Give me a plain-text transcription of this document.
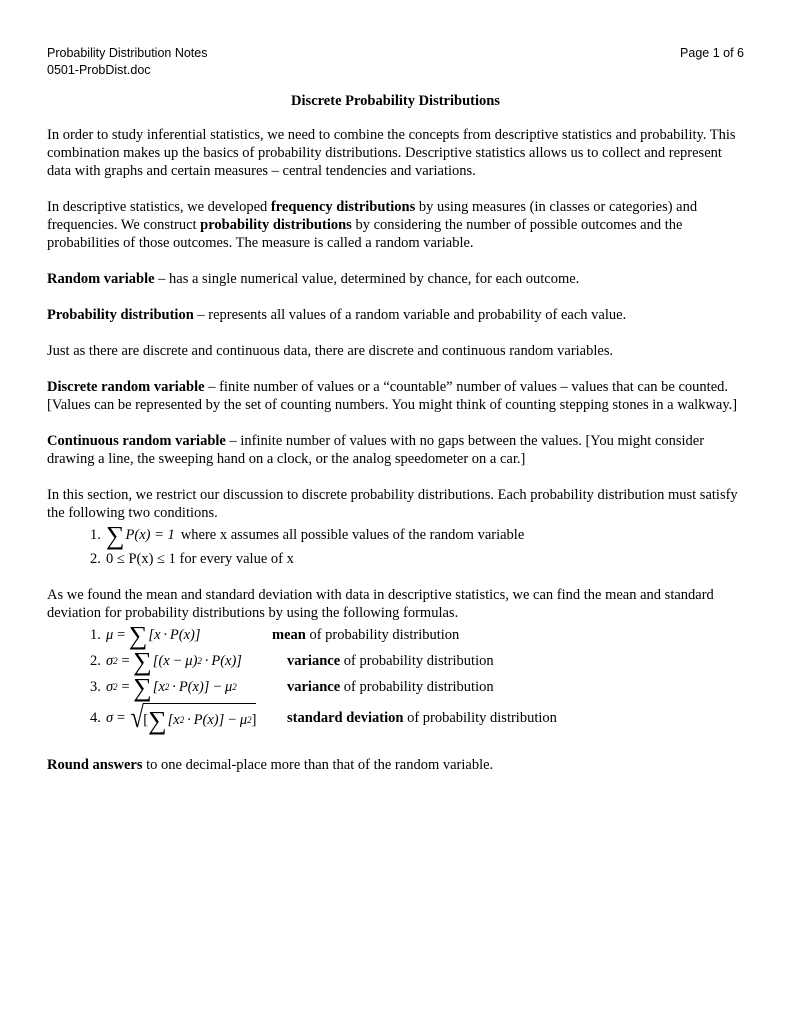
Probability Distribution Notes
0501-ProbDist.doc
Page 1 of 6
Discrete Probability Distributions

In order to study inferential statistics, we need to combine the concepts from descriptive statistics and probability. This combination makes up the basics of probability distributions. Descriptive statistics allows us to collect and represent data with graphs and certain measures – central tendencies and variations.

In descriptive statistics, we developed frequency distributions by using measures (in classes or categories) and frequencies. We construct probability distributions by considering the number of possible outcomes and the probabilities of those outcomes. The measure is called a random variable.

Random variable – has a single numerical value, determined by chance, for each outcome.

Probability distribution – represents all values of a random variable and probability of each value.

Just as there are discrete and continuous data, there are discrete and continuous random variables.

Discrete random variable – finite number of values or a “countable” number of values – values that can be counted. [Values can be represented by the set of counting numbers. You might think of counting stepping stones in a walkway.]

Continuous random variable – infinite number of values with no gaps between the values. [You might consider drawing a line, the sweeping hand on a clock, or the analog speedometer on a car.]

In this section, we restrict our discussion to discrete probability distributions. Each probability distribution must satisfy the following two conditions.

1. ∑ P(x) = 1 where x assumes all possible values of the random variable
2. 0 ≤ P(x) ≤ 1 for every value of x

As we found the mean and standard deviation with data in descriptive statistics, we can find the mean and standard deviation for probability distributions by using the following formulas.

1. μ =  ∑ [x · P(x)]	mean of probability distribution
2. σ 2  =  ∑ [(x − μ) 2  · P(x)]	variance of probability distribution
3. σ 2  =  ∑ [x 2  · P(x)] − μ 2	variance of probability distribution
4. σ =  √ [ ∑ [x 2  · P(x)] − μ 2 ] standard deviation of probability distribution

Round answers to one decimal-place more than that of the random variable.
